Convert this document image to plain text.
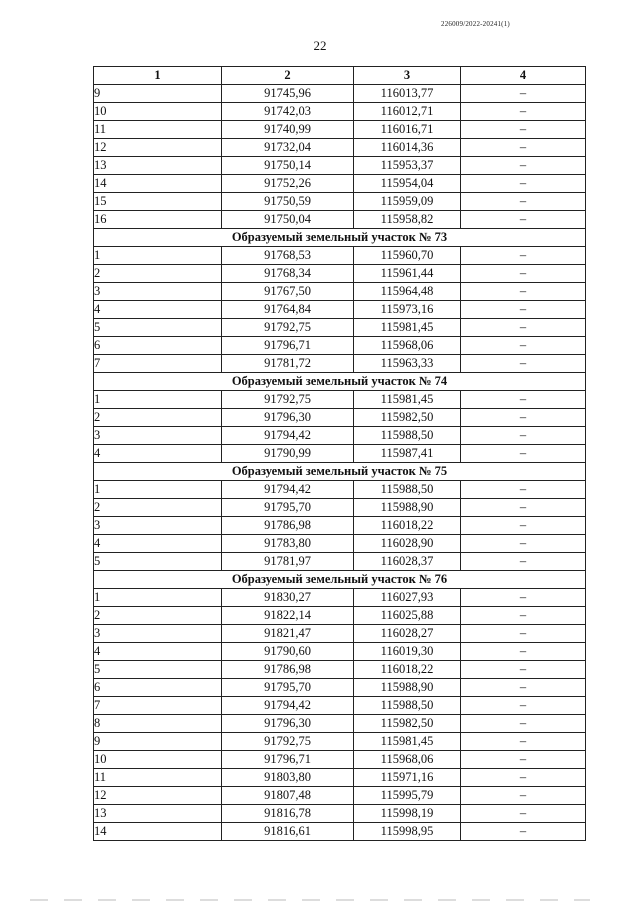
226009/2022-20241(1)
22
1	2	3	4
9	91745,96	116013,77	–
10	91742,03	116012,71	–
11	91740,99	116016,71	–
12	91732,04	116014,36	–
13	91750,14	115953,37	–
14	91752,26	115954,04	–
15	91750,59	115959,09	–
16	91750,04	115958,82	–
Образуемый земельный участок № 73			
1	91768,53	115960,70	–
2	91768,34	115961,44	–
3	91767,50	115964,48	–
4	91764,84	115973,16	–
5	91792,75	115981,45	–
6	91796,71	115968,06	–
7	91781,72	115963,33	–
Образуемый земельный участок № 74			
1	91792,75	115981,45	–
2	91796,30	115982,50	–
3	91794,42	115988,50	–
4	91790,99	115987,41	–
Образуемый земельный участок № 75			
1	91794,42	115988,50	–
2	91795,70	115988,90	–
3	91786,98	116018,22	–
4	91783,80	116028,90	–
5	91781,97	116028,37	–
Образуемый земельный участок № 76			
1	91830,27	116027,93	–
2	91822,14	116025,88	–
3	91821,47	116028,27	–
4	91790,60	116019,30	–
5	91786,98	116018,22	–
6	91795,70	115988,90	–
7	91794,42	115988,50	–
8	91796,30	115982,50	–
9	91792,75	115981,45	–
10	91796,71	115968,06	–
11	91803,80	115971,16	–
12	91807,48	115995,79	–
13	91816,78	115998,19	–
14	91816,61	115998,95	–
